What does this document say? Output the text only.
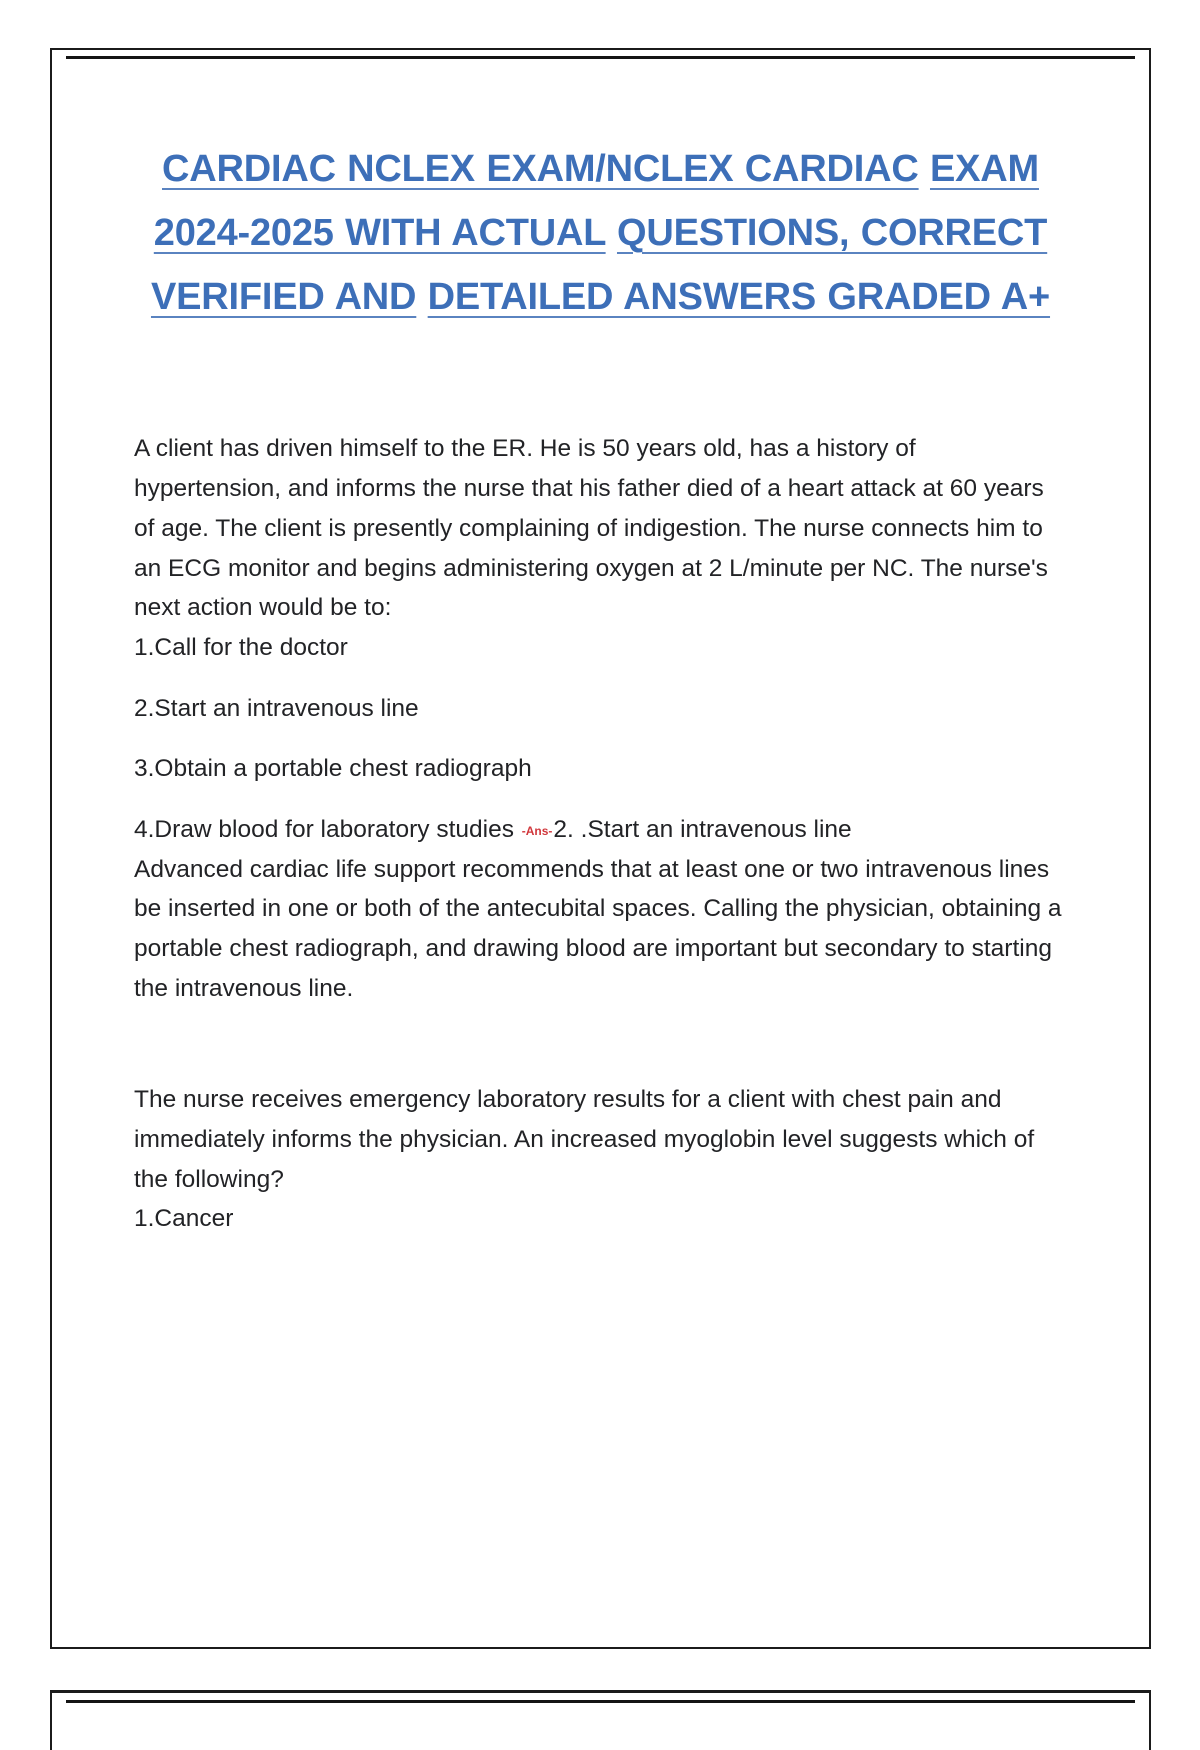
CARDIAC NCLEX EXAM/NCLEX CARDIAC EXAM 2024-2025 WITH ACTUAL QUESTIONS, CORRECT VERIFIED AND DETAILED ANSWERS GRADED A+

A client has driven himself to the ER. He is 50 years old, has a history of hypertension, and informs the nurse that his father died of a heart attack at 60 years of age. The client is presently complaining of indigestion. The nurse connects him to an ECG monitor and begins administering oxygen at 2 L/minute per NC. The nurse's next action would be to:

1.Call for the doctor

2.Start an intravenous line

3.Obtain a portable chest radiograph

4.Draw blood for laboratory studies -Ans-2. .Start an intravenous line

Advanced cardiac life support recommends that at least one or two intravenous lines be inserted in one or both of the antecubital spaces. Calling the physician, obtaining a portable chest radiograph, and drawing blood are important but secondary to starting the intravenous line.

The nurse receives emergency laboratory results for a client with chest pain and immediately informs the physician. An increased myoglobin level suggests which of the following?

1.Cancer
